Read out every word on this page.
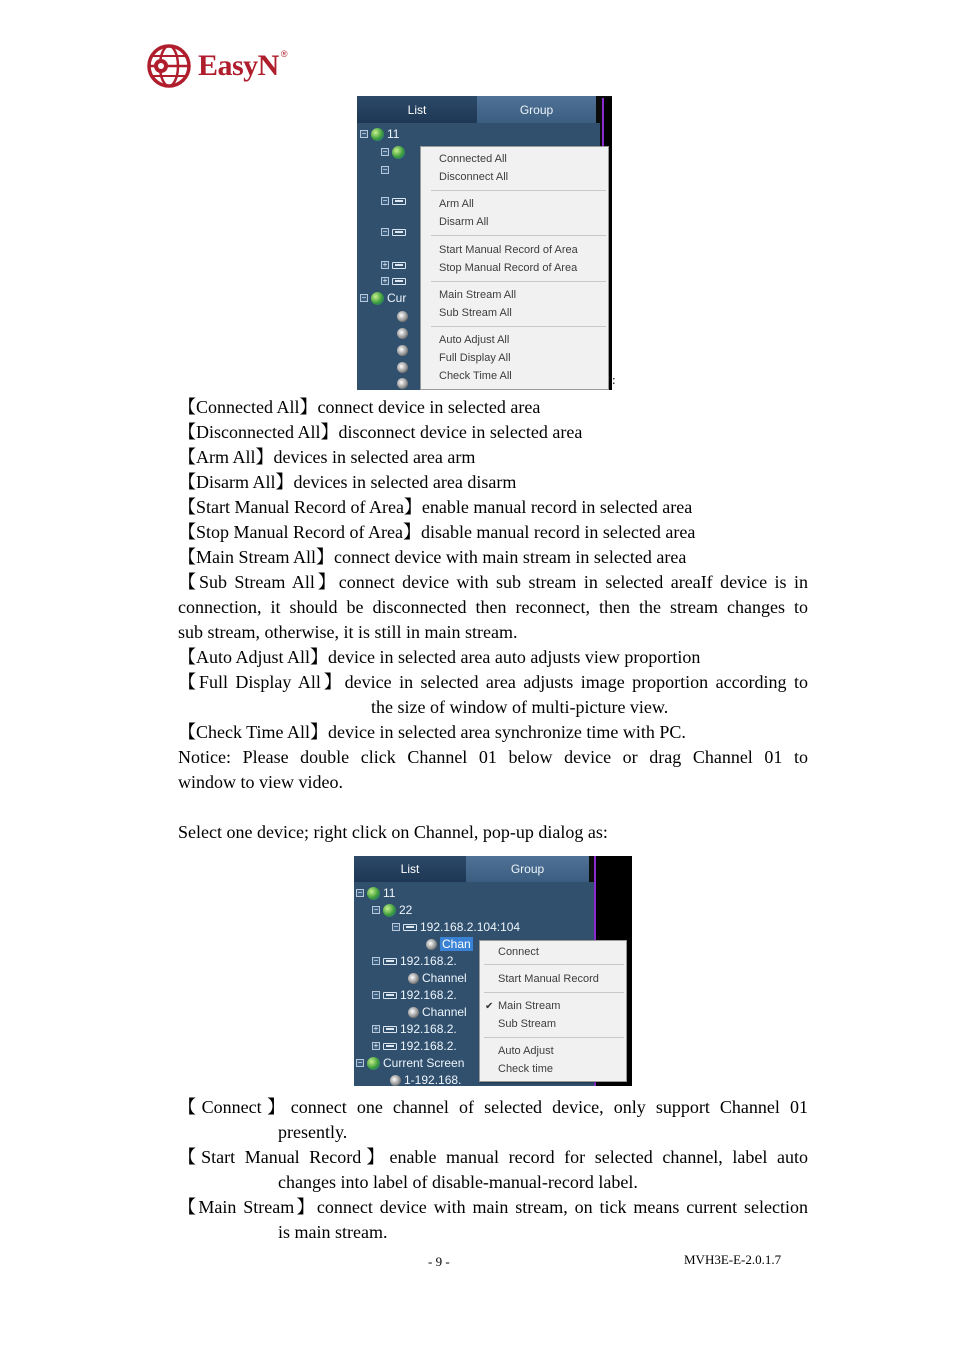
EasyN ®
List	Group
− 11
−
−
−
−
+
+
− Cur
Connected All
Disconnect All
Arm All
Disarm All
Start Manual Record of Area
Stop Manual Record of Area
Main Stream All
Sub Stream All
Auto Adjust All
Full Display All
Check Time All	:
【Connected All】connect device in selected area
【Disconnected All】disconnect device in selected area
【Arm All】devices in selected area arm
【Disarm All】devices in selected area disarm
【Start Manual Record of Area】enable manual record in selected area
【Stop Manual Record of Area】disable manual record in selected area
【Main Stream All】connect device with main stream in selected area
【Sub Stream All】connect device with sub stream in selected areaIf device is in
connection, it should be disconnected then reconnect, then the stream changes to
sub stream, otherwise, it is still in main stream.
【Auto Adjust All】device in selected area auto adjusts view proportion
【Full Display All】device in selected area adjusts image proportion according to
the size of window of multi-picture view.
【Check Time All】device in selected area synchronize time with PC.
Notice: Please double click Channel 01 below device or drag Channel 01 to
window to view video.
Select one device; right click on Channel, pop-up dialog as:
List	Group
− 11
− 22
− 192.168.2.104:104
Chan
− 192.168.2.
Channel
− 192.168.2.
Channel
+ 192.168.2.
+ 192.168.2.
− Current Screen
1-192.168.
Connect
Start Manual Record
✔ Main Stream
Sub Stream
Auto Adjust
Check time
【Connect】connect one channel of selected device, only support Channel 01
presently.
【Start Manual Record】enable manual record for selected channel, label auto
changes into label of disable-manual-record label.
【Main Stream】connect device with main stream, on tick means current selection
is main stream.
- 9 -	MVH3E-E-2.0.1.7
